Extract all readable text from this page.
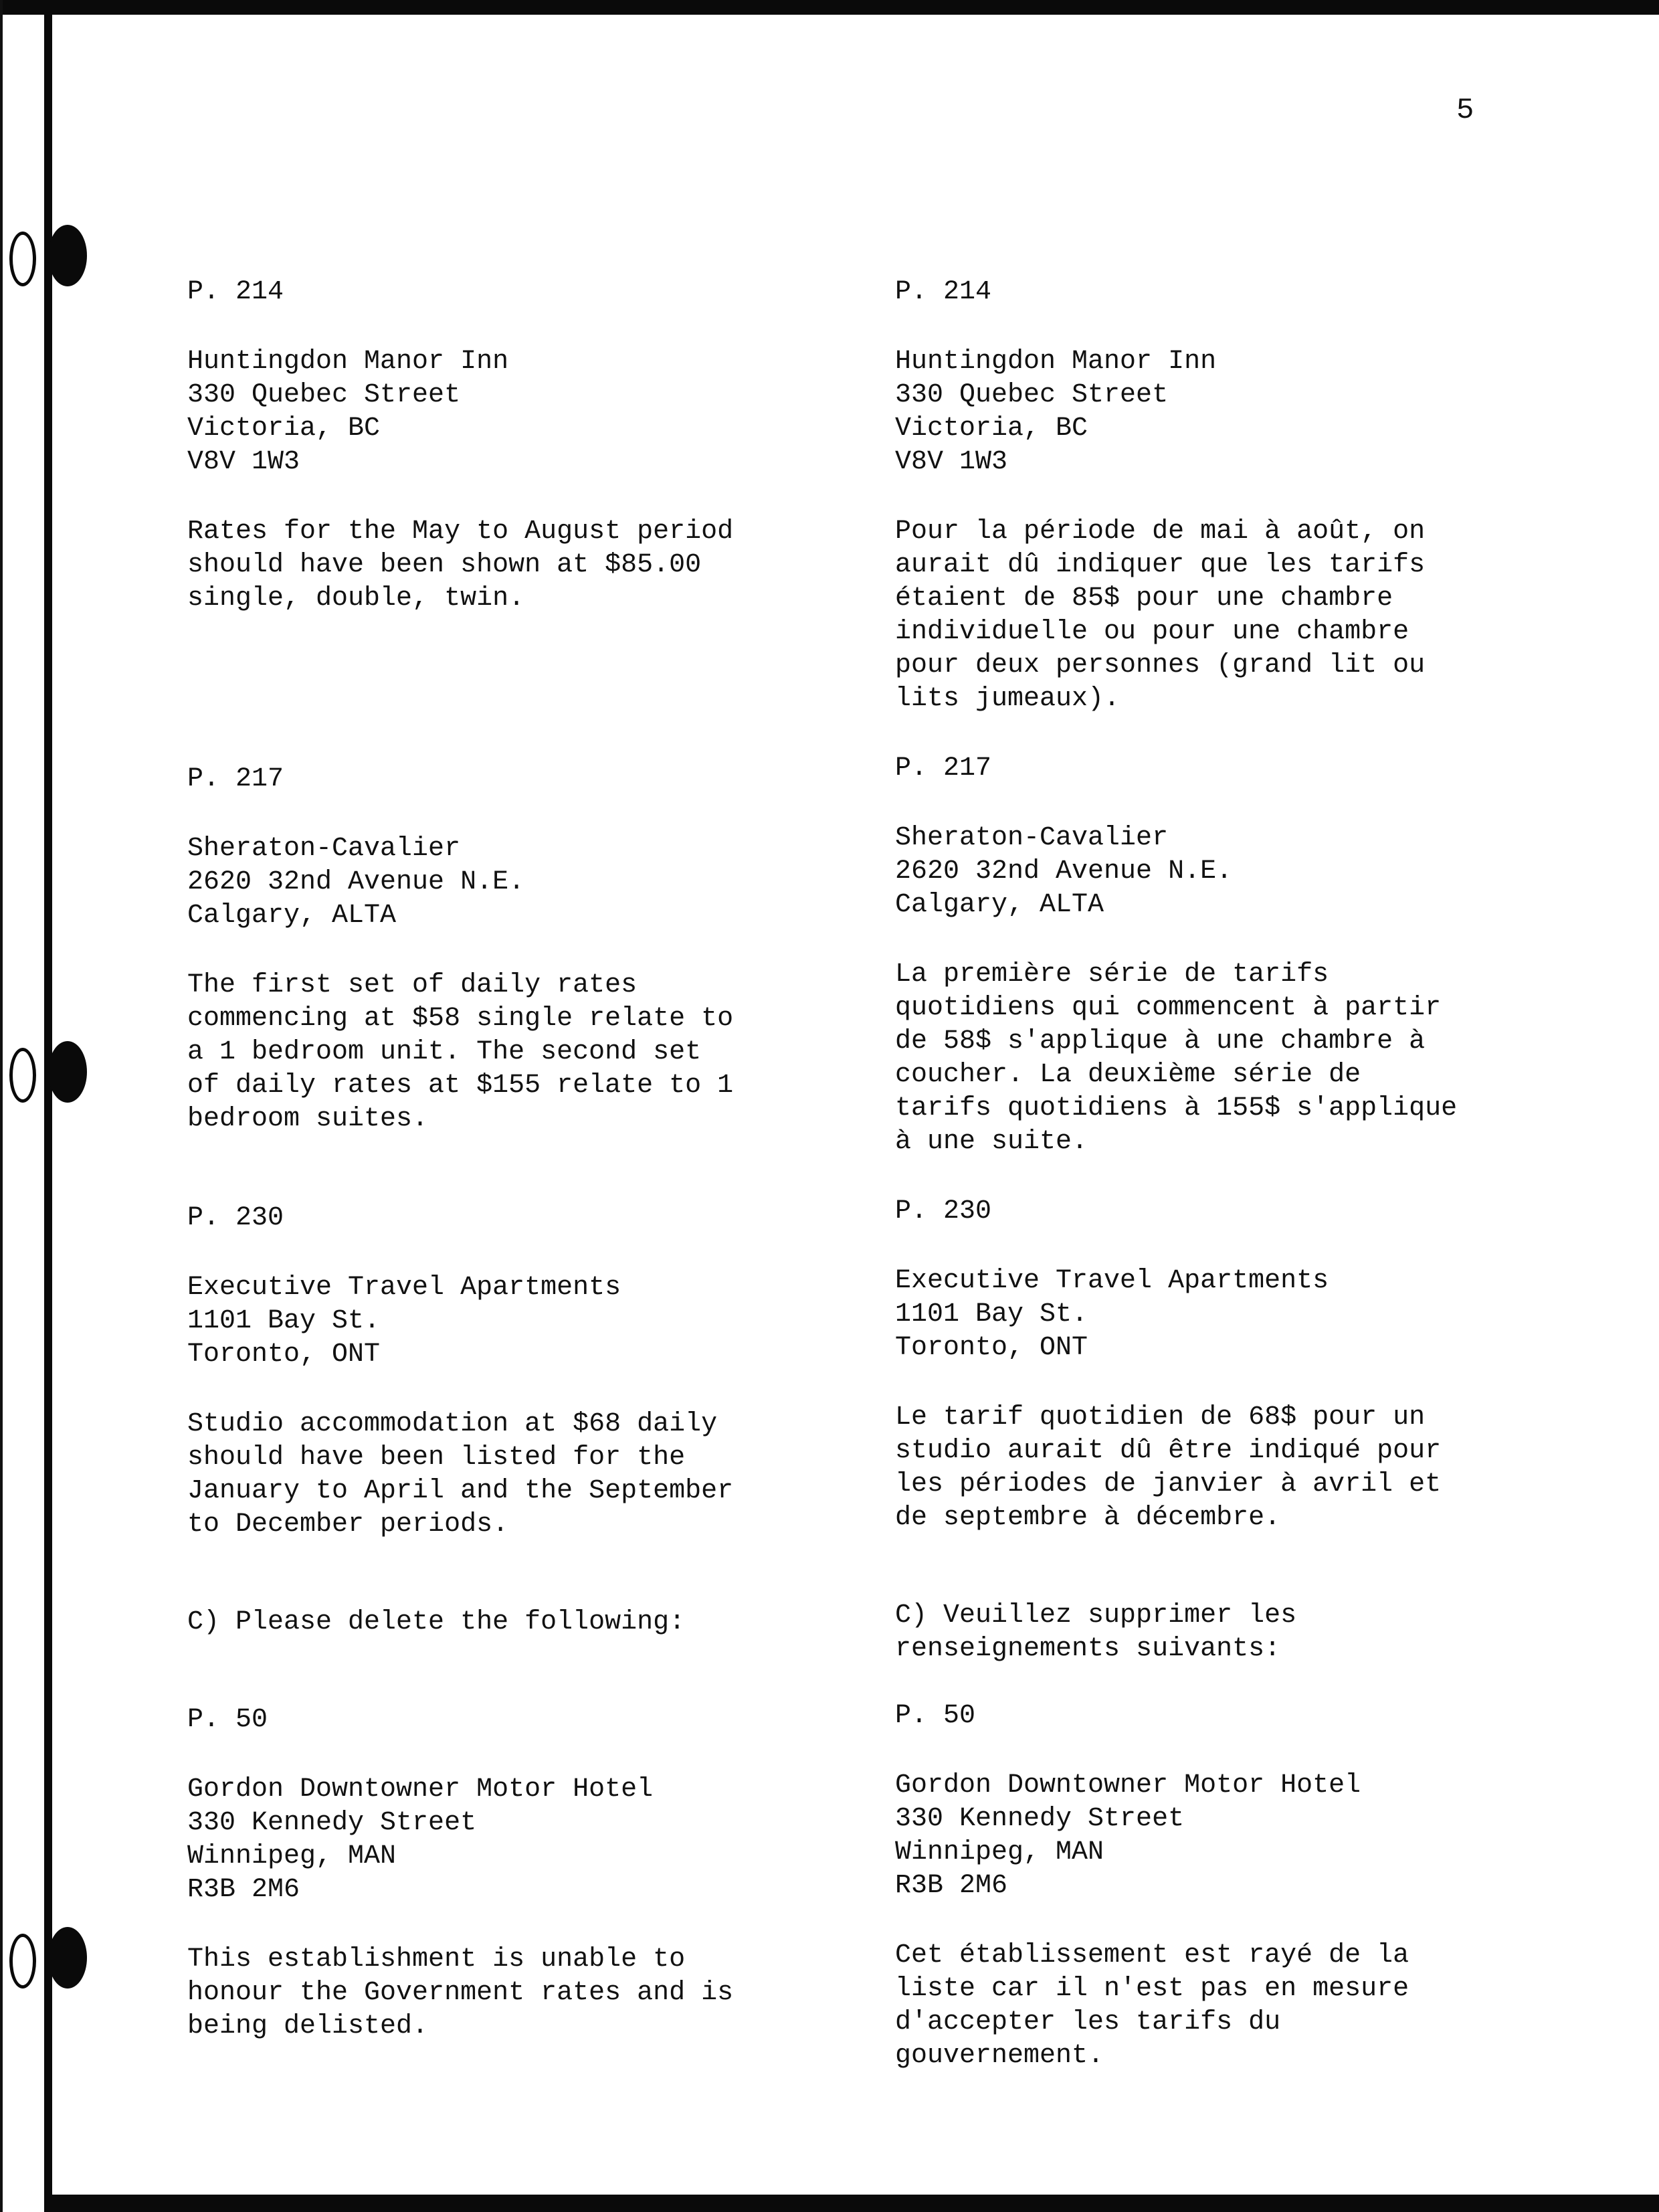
5

P. 214

Huntingdon Manor Inn
330 Quebec Street
Victoria, BC
V8V 1W3

Rates for the May to August period
should have been shown at $85.00
single, double, twin.

P. 217

Sheraton-Cavalier
2620 32nd Avenue N.E.
Calgary, ALTA

The first set of daily rates
commencing at $58 single relate to
a 1 bedroom unit. The second set
of daily rates at $155 relate to 1
bedroom suites.

P. 230

Executive Travel Apartments
1101 Bay St.
Toronto, ONT

Studio accommodation at $68 daily
should have been listed for the
January to April and the September
to December periods.

C) Please delete the following:

P. 50

Gordon Downtowner Motor Hotel
330 Kennedy Street
Winnipeg, MAN
R3B 2M6

This establishment is unable to
honour the Government rates and is
being delisted.

P. 214

Huntingdon Manor Inn
330 Quebec Street
Victoria, BC
V8V 1W3

Pour la période de mai à août, on
aurait dû indiquer que les tarifs
étaient de 85$ pour une chambre
individuelle ou pour une chambre
pour deux personnes (grand lit ou
lits jumeaux).

P. 217

Sheraton-Cavalier
2620 32nd Avenue N.E.
Calgary, ALTA

La première série de tarifs
quotidiens qui commencent à partir
de 58$ s'applique à une chambre à
coucher. La deuxième série de
tarifs quotidiens à 155$ s'applique
à une suite.

P. 230

Executive Travel Apartments
1101 Bay St.
Toronto, ONT

Le tarif quotidien de 68$ pour un
studio aurait dû être indiqué pour
les périodes de janvier à avril et
de septembre à décembre.

C) Veuillez supprimer les
renseignements suivants:

P. 50

Gordon Downtowner Motor Hotel
330 Kennedy Street
Winnipeg, MAN
R3B 2M6

Cet établissement est rayé de la
liste car il n'est pas en mesure
d'accepter les tarifs du
gouvernement.
